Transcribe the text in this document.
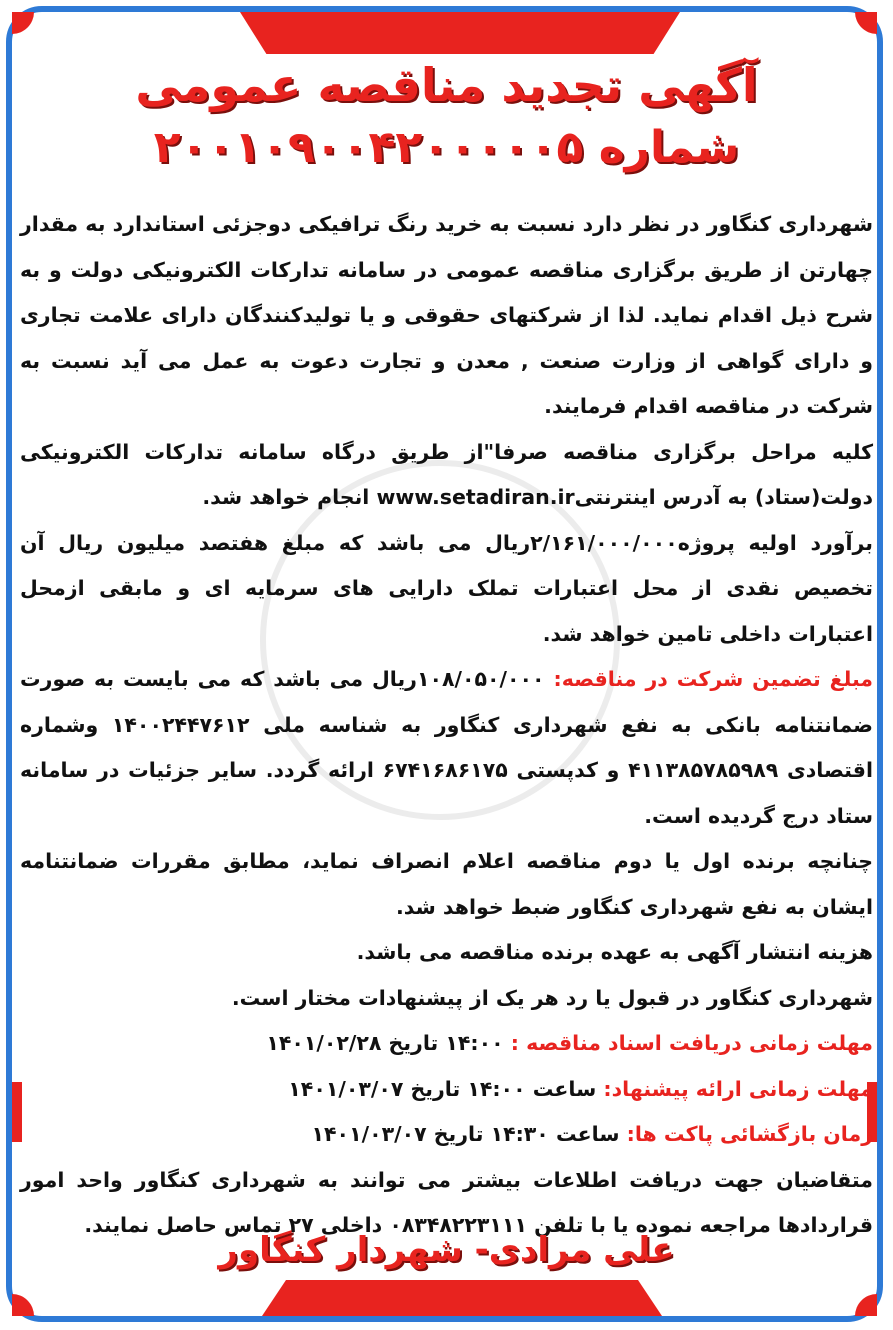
آگهی تجدید مناقصه عمومی
شماره ۲۰۰۱۰۹۰۰۴۲۰۰۰۰۰۵

شهرداری کنگاور در نظر دارد نسبت به خرید رنگ ترافیکی دوجزئی استاندارد به مقدار چهارتن از طریق برگزاری مناقصه عمومی در سامانه تدارکات الکترونیکی دولت و به شرح ذیل اقدام نماید. لذا از شرکتهای حقوقی و یا تولیدکنندگان دارای علامت تجاری و دارای گواهی از وزارت صنعت , معدن و تجارت دعوت به عمل می آید نسبت به شرکت در مناقصه اقدام فرمایند.

کلیه مراحل برگزاری مناقصه صرفا"از طریق درگاه سامانه تدارکات الکترونیکی دولت(ستاد) به آدرس اینترنتیwww.setadiran.ir انجام خواهد شد.

برآورد اولیه پروژه۲/۱۶۱/۰۰۰/۰۰۰ریال می باشد که مبلغ هفتصد میلیون ریال آن تخصیص نقدی از محل اعتبارات تملک دارایی های سرمایه ای و مابقی ازمحل اعتبارات داخلی تامین خواهد شد.

مبلغ تضمین شرکت در مناقصه: ۱۰۸/۰۵۰/۰۰۰ریال می باشد که می بایست به صورت ضمانتنامه بانکی به نفع شهرداری کنگاور به شناسه ملی ۱۴۰۰۲۴۴۷۶۱۲ وشماره اقتصادی ۴۱۱۳۸۵۷۸۵۹۸۹ و کدپستی ۶۷۴۱۶۸۶۱۷۵ ارائه گردد. سایر جزئیات در سامانه ستاد درج گردیده است.

چنانچه برنده اول یا دوم مناقصه اعلام انصراف نماید، مطابق مقررات ضمانتنامه ایشان به نفع شهرداری کنگاور ضبط خواهد شد.

هزینه انتشار آگهی به عهده برنده مناقصه می باشد.

شهرداری کنگاور در قبول یا رد هر یک از پیشنهادات مختار است.

مهلت زمانی دریافت اسناد مناقصه : ۱۴:۰۰ تاریخ ۱۴۰۱/۰۲/۲۸

مهلت زمانی ارائه پیشنهاد: ساعت ۱۴:۰۰ تاریخ ۱۴۰۱/۰۳/۰۷

زمان بازگشائی پاکت ها: ساعت ۱۴:۳۰ تاریخ ۱۴۰۱/۰۳/۰۷

متقاضیان جهت دریافت اطلاعات بیشتر می توانند به شهرداری کنگاور واحد امور قراردادها مراجعه نموده یا با تلفن ۰۸۳۴۸۲۲۳۱۱۱ داخلی ۲۷ تماس حاصل نمایند.

علی مرادی- شهردار کنگاور
